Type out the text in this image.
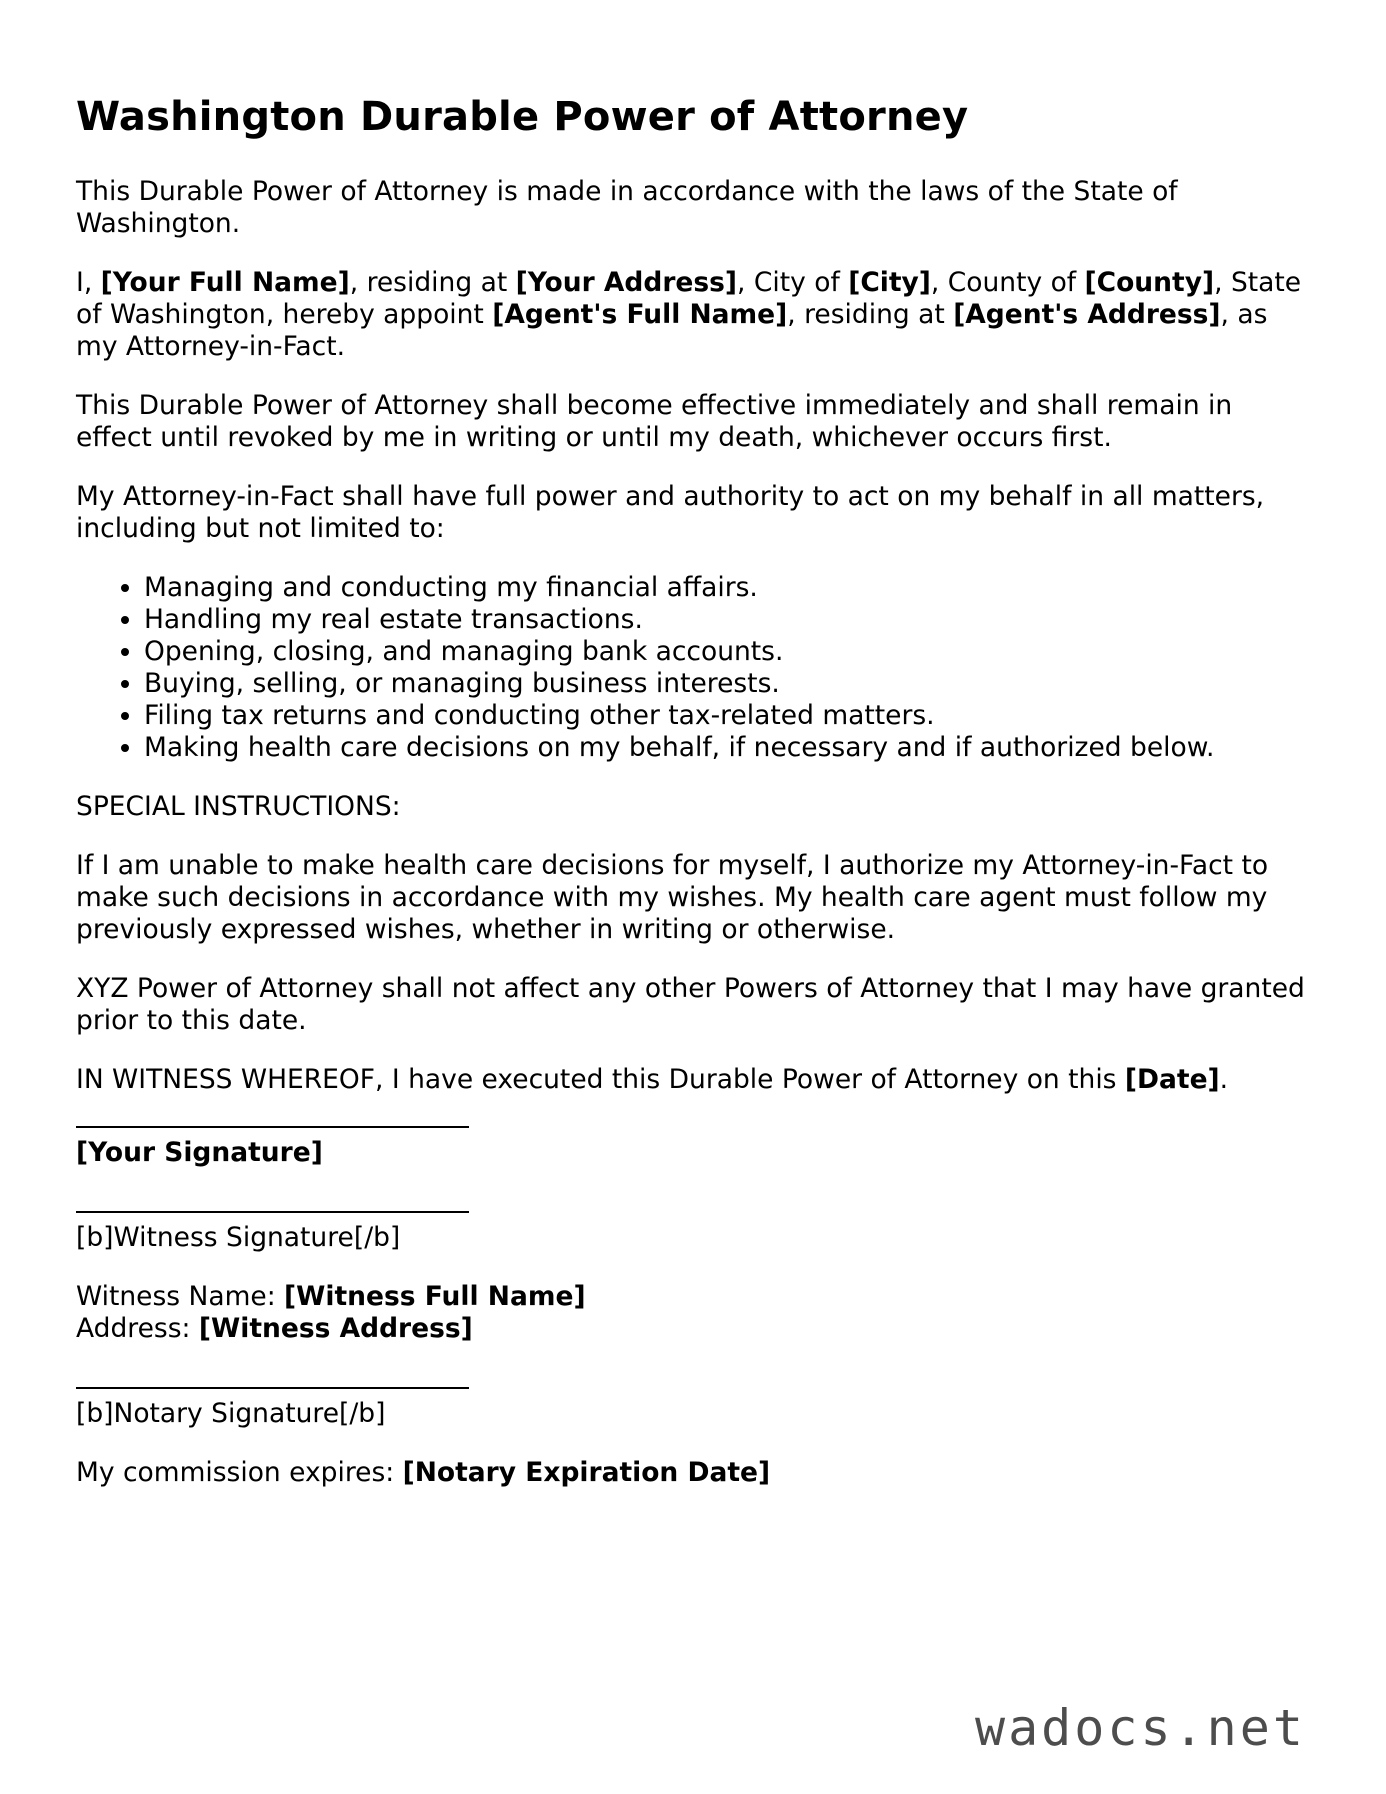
Washington Durable Power of Attorney

This Durable Power of Attorney is made in accordance with the laws of the State of Washington.

I, [Your Full Name], residing at [Your Address], City of [City], County of [County], State of Washington, hereby appoint [Agent's Full Name], residing at [Agent's Address], as my Attorney-in-Fact.

This Durable Power of Attorney shall become effective immediately and shall remain in effect until revoked by me in writing or until my death, whichever occurs first.

My Attorney-in-Fact shall have full power and authority to act on my behalf in all matters, including but not limited to:

• Managing and conducting my financial affairs.
• Handling my real estate transactions.
• Opening, closing, and managing bank accounts.
• Buying, selling, or managing business interests.
• Filing tax returns and conducting other tax-related matters.
• Making health care decisions on my behalf, if necessary and if authorized below.

SPECIAL INSTRUCTIONS:

If I am unable to make health care decisions for myself, I authorize my Attorney-in-Fact to make such decisions in accordance with my wishes. My health care agent must follow my previously expressed wishes, whether in writing or otherwise.

XYZ Power of Attorney shall not affect any other Powers of Attorney that I may have granted prior to this date.

IN WITNESS WHEREOF, I have executed this Durable Power of Attorney on this [Date].

[Your Signature]
[b]Witness Signature[/b]

Witness Name: [Witness Full Name]
Address: [Witness Address]

[b]Notary Signature[/b]

My commission expires: [Notary Expiration Date]

wadocs.net
